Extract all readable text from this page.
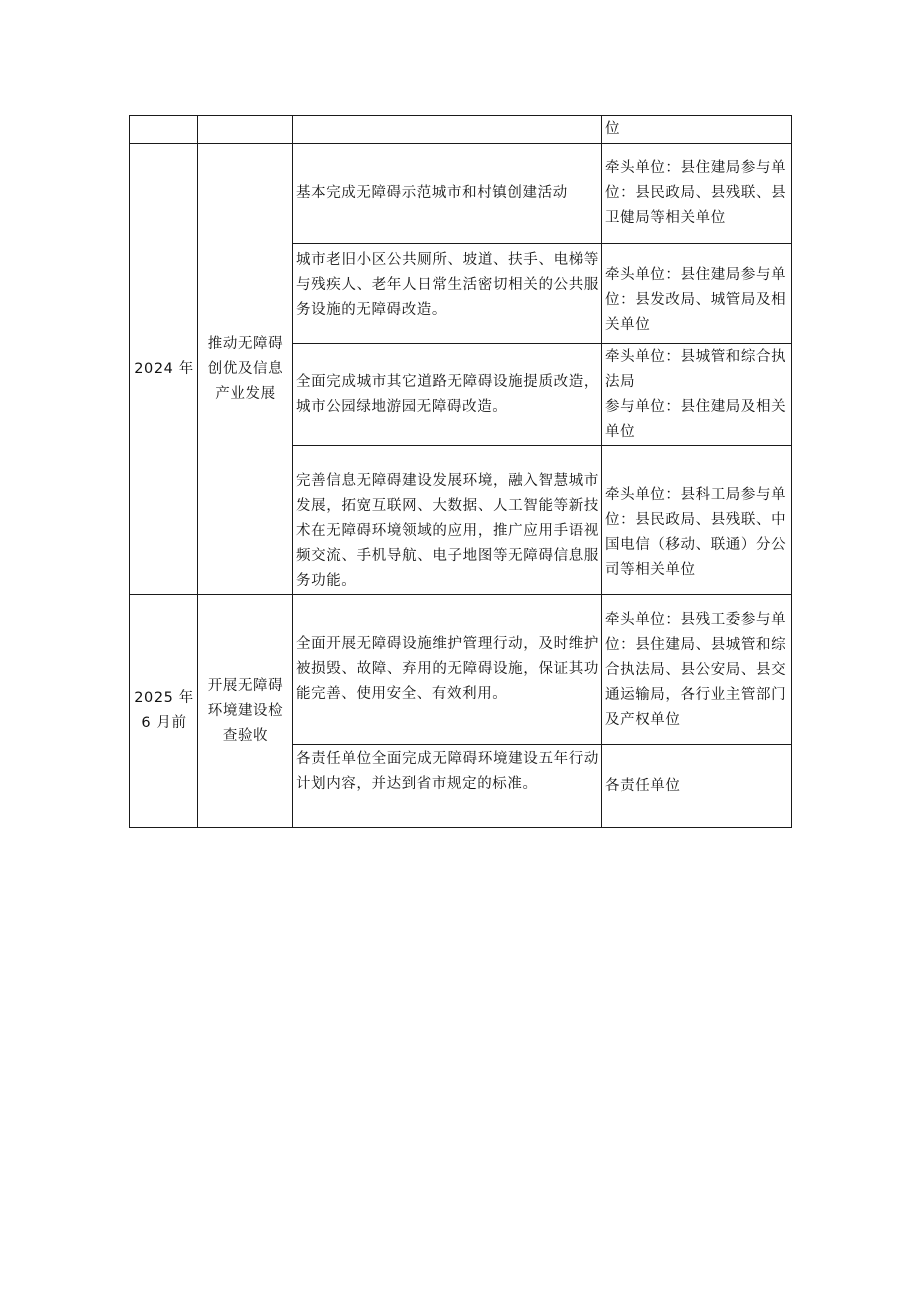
			位
2024 年	推动无障碍创优及信息产业发展	基本完成无障碍示范城市和村镇创建活动	牵头单位：县住建局参与单位：县民政局、县残联、县卫健局等相关单位
		城市老旧小区公共厕所、坡道、扶手、电梯等与残疾人、老年人日常生活密切相关的公共服务设施的无障碍改造。	牵头单位：县住建局参与单位：县发改局、城管局及相关单位
		全面完成城市其它道路无障碍设施提质改造，城市公园绿地游园无障碍改造。	牵头单位：县城管和综合执法局
参与单位：县住建局及相关单位
		完善信息无障碍建设发展环境，融入智慧城市发展，拓宽互联网、大数据、人工智能等新技术在无障碍环境领域的应用，推广应用手语视频交流、手机导航、电子地图等无障碍信息服务功能。	牵头单位：县科工局参与单位：县民政局、县残联、中国电信（移动、联通）分公司等相关单位
2025 年 6 月前	开展无障碍环境建设检查验收	全面开展无障碍设施维护管理行动，及时维护被损毁、故障、弃用的无障碍设施，保证其功能完善、使用安全、有效利用。	牵头单位：县残工委参与单位：县住建局、县城管和综合执法局、县公安局、县交通运输局，各行业主管部门及产权单位
		各责任单位全面完成无障碍环境建设五年行动计划内容，并达到省市规定的标准。	各责任单位
